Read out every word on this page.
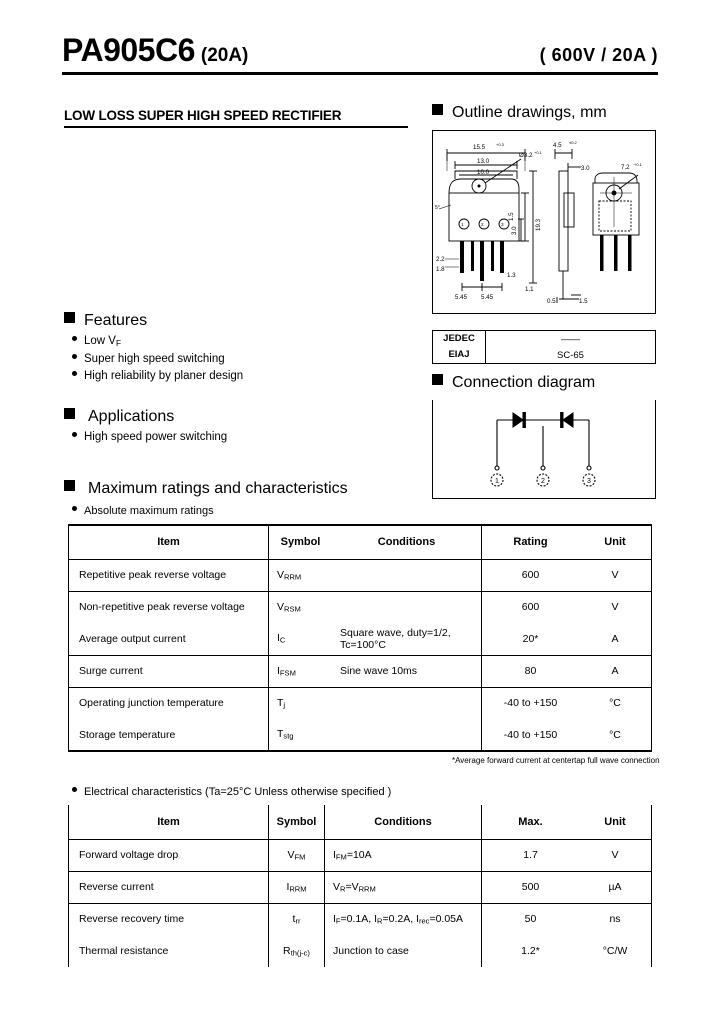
PA905C6 (20A)	( 600V / 20A )
LOW LOSS SUPER HIGH SPEED RECTIFIER	Outline drawings, mm
15.5	+0.3
13.0
10.0
Ø3.2 +0.1
19.3
1.5
3.0
2.2
1.8
1.3
1.1
5.45 5.45
5°
4.5 ±0.2
3.0
0.5	1.5
7.2 +0.1
1	2	3
JEDEC	——
EIAJ	SC-65
Connection diagram
1	2	3
Features
Low $V_F$
Super high speed switching
High reliability by planer design
Applications
High speed power switching
Maximum ratings and characteristics
Absolute maximum ratings
Item	Symbol	Conditions	Rating	Unit
Repetitive peak reverse voltage	$V_{RRM}$		600	V
Non-repetitive peak reverse voltage	$V_{RSM}$		600	V
Average output current	$I_C$	Square wave, duty=1/2, Tc=100°C	20*	A
Surge current	$I_{FSM}$	Sine wave 10ms	80	A
Operating junction temperature	$T_j$		-40 to +150	°C
Storage temperature	$T_{stg}$		-40 to +150	°C
*Average forward current at centertap full wave connection
Electrical characteristics (Ta=25°C Unless otherwise specified )
Item	Symbol	Conditions	Max.	Unit
Forward voltage drop	$V_{FM}$	$I_{FM}=10A$	1.7	V
Reverse current	$I_{RRM}$	$V_R=V_{RRM}$	500	µA
Reverse recovery time	$t_{rr}$	$I_F=0.1A$, $I_R=0.2A$, $I_{rec}=0.05A$	50	ns
Thermal resistance	$R_{th(j-c)}$	Junction to case	1.2*	°C/W
